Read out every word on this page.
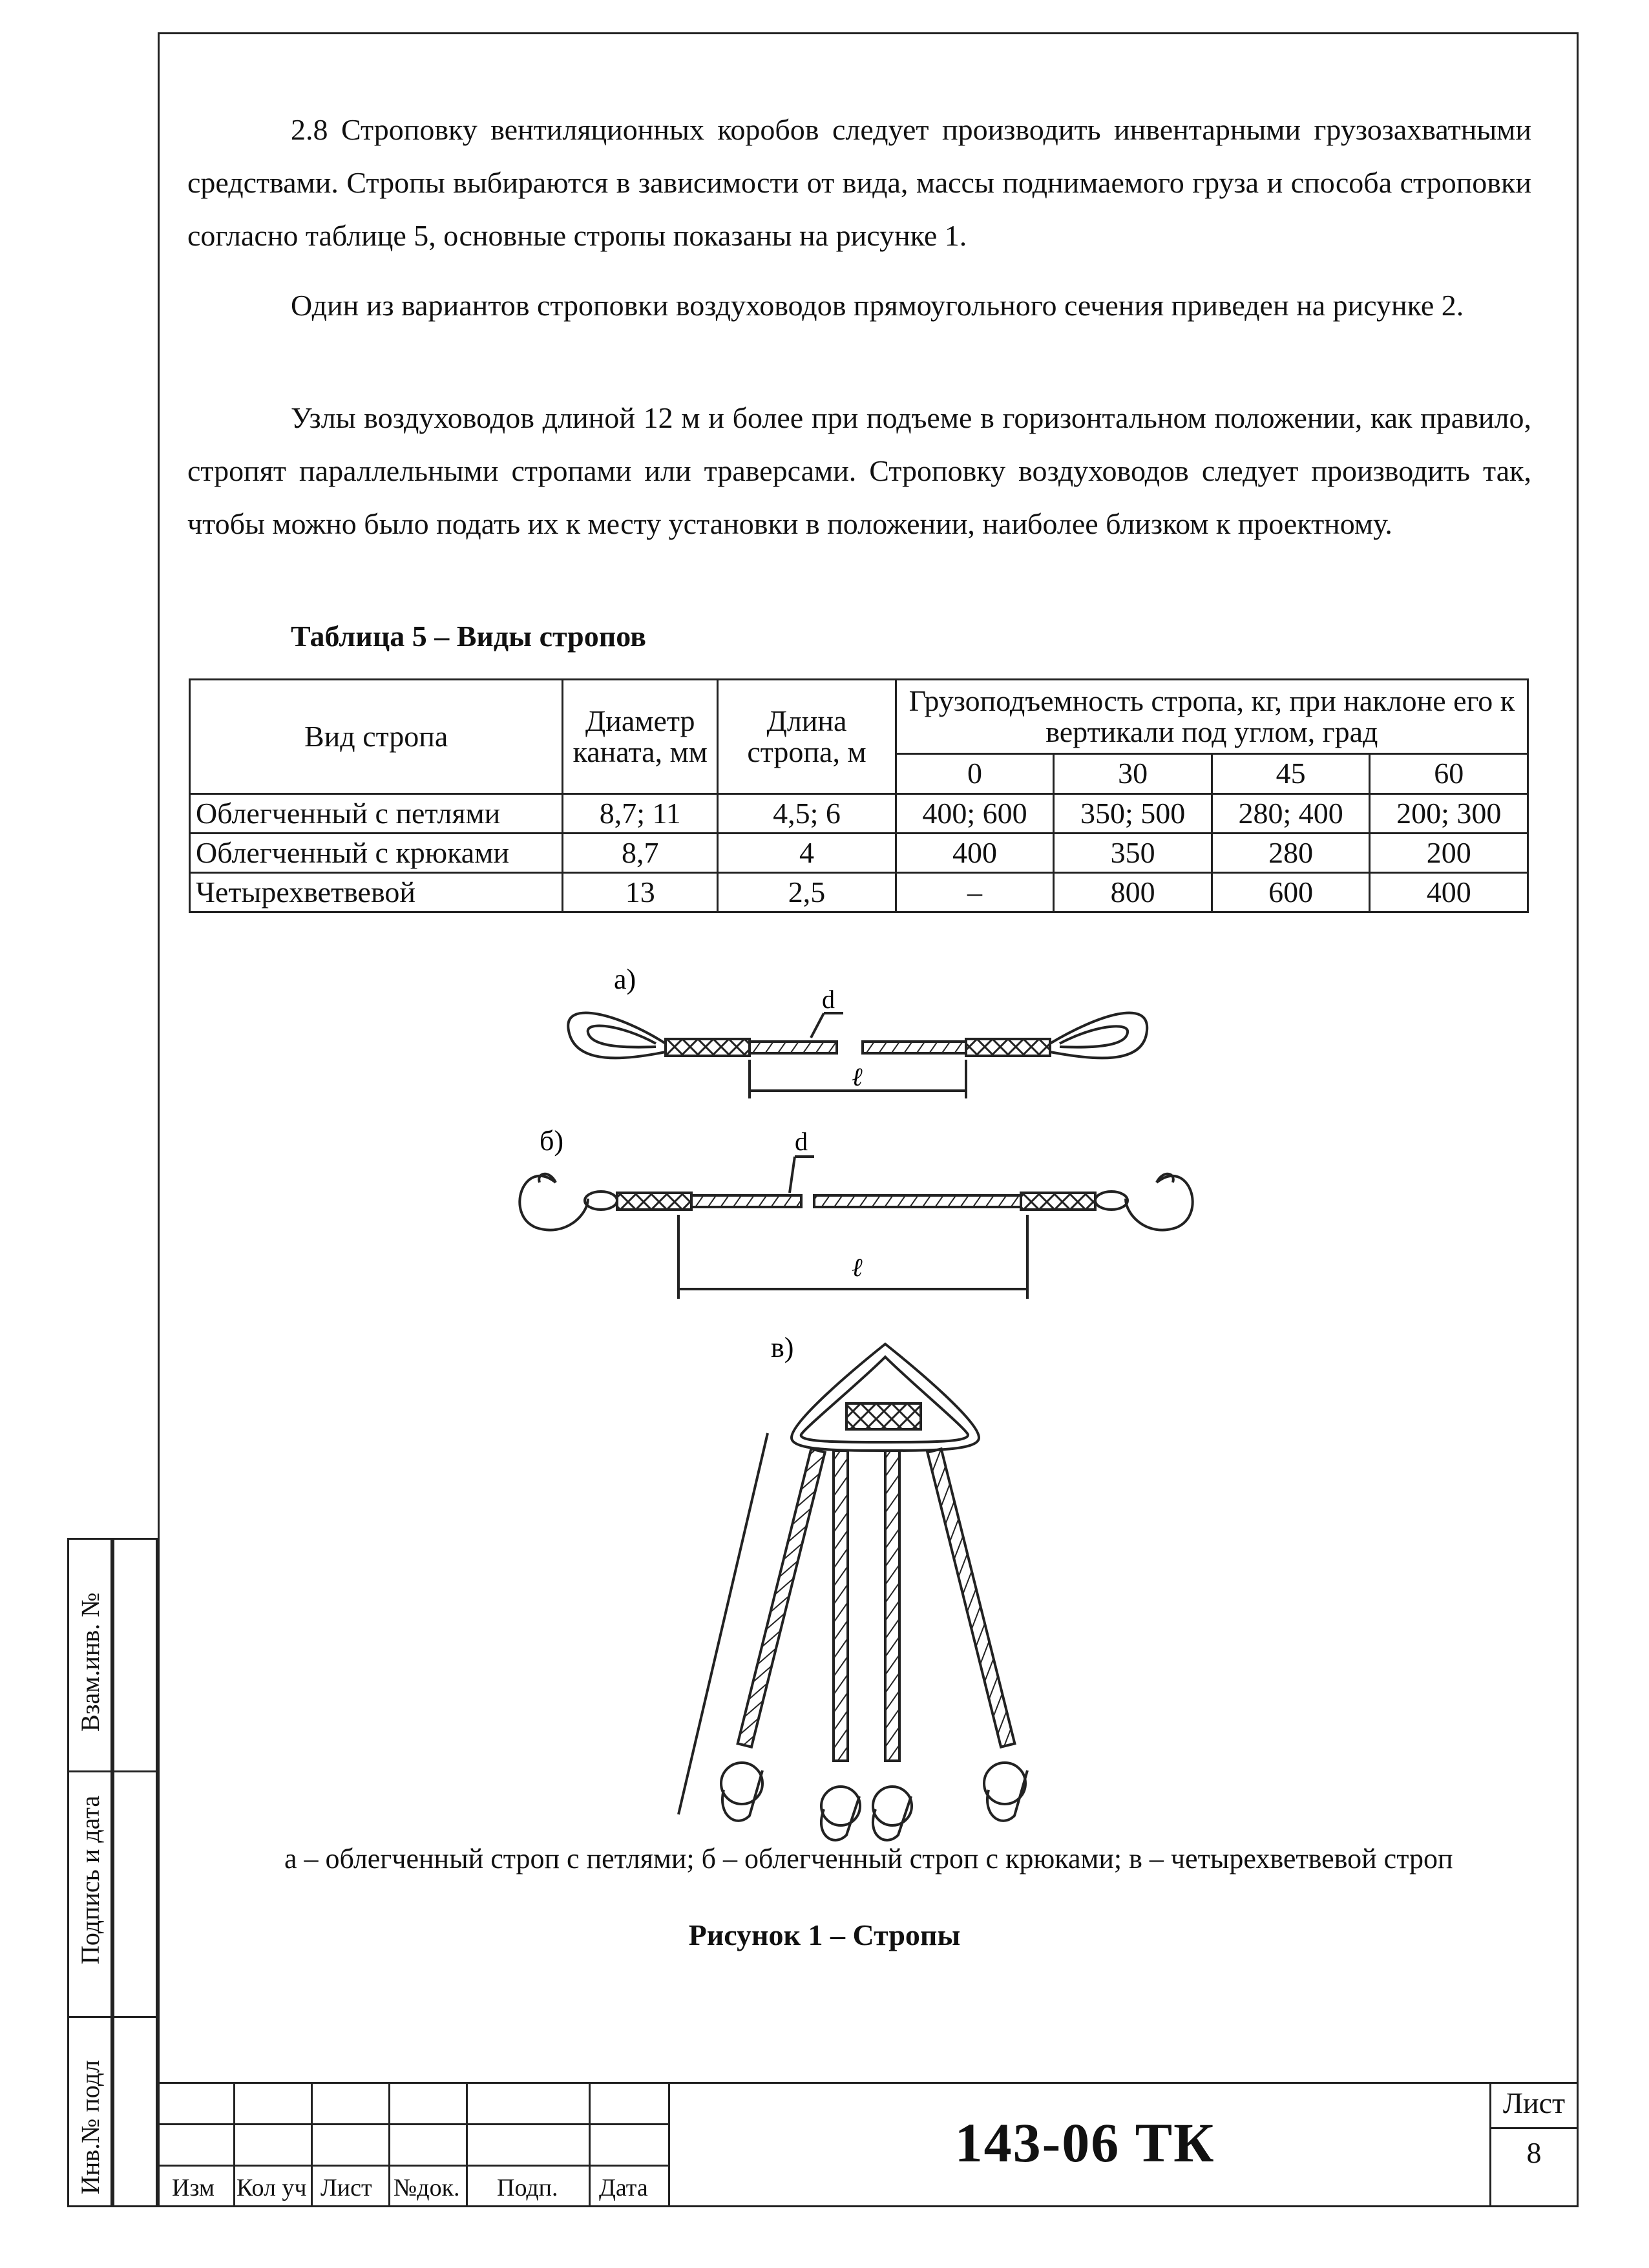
2.8 Строповку вентиляционных коробов следует производить инвентарными грузозахватными средствами. Стропы выбираются в зависимости от вида, массы поднимаемого груза и способа строповки согласно таблице 5, основные стропы показаны на рисунке 1.

Один из вариантов строповки воздуховодов прямоугольного сечения приведен на рисунке 2.

Узлы воздуховодов длиной 12 м и более при подъеме в горизонтальном положении, как правило, стропят параллельными стропами или траверсами. Строповку воздуховодов следует производить так, чтобы можно было подать их к месту установки в положении, наиболее близком к проектному.

Таблица 5 – Виды стропов
Вид стропа	Диаметр каната, мм	Длина стропа, м	Грузоподъемность стропа, кг, при наклоне его к вертикали под углом, град			
			0	30	45	60
Облегченный с петлями	8,7; 11	4,5; 6	400; 600	350; 500	280; 400	200; 300
Облегченный с крюками	8,7	4	400	350	280	200
Четырехветвевой	13	2,5	–	800	600	400
а)
d
ℓ
б)	d
ℓ
в)
а – облегченный строп с петлями; б – облегченный строп с крюками; в – четырехветвевой строп
Рисунок 1 – Стропы
Взам.инв. №
Подпись и дата
Инв.№ подл	Изм Кол уч Лист №док. Подп. Дата
143-06 ТК
Лист
8
